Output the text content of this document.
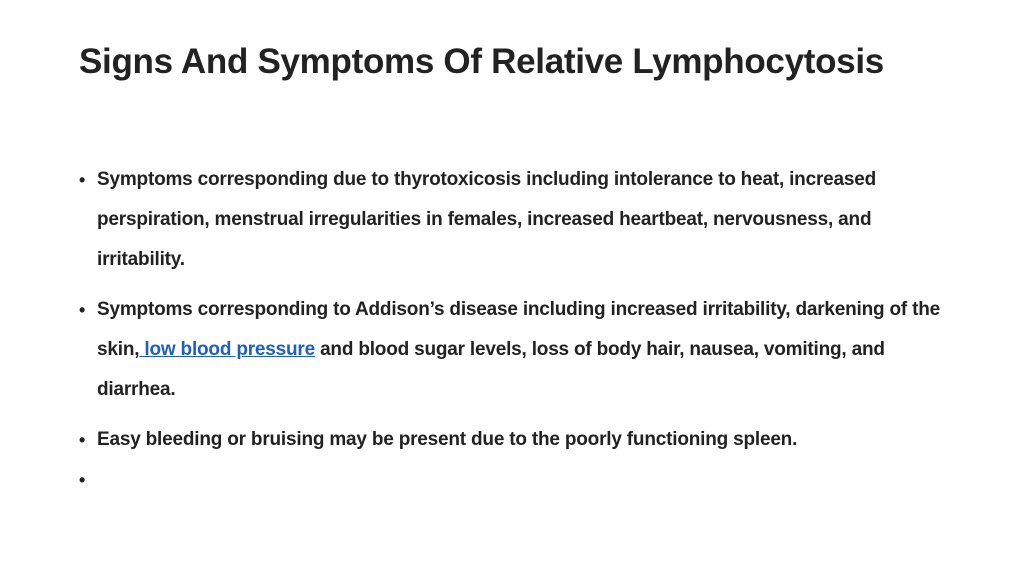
Signs And Symptoms Of Relative Lymphocytosis
• Symptoms corresponding due to thyrotoxicosis including intolerance to heat, increased perspiration, menstrual irregularities in females, increased heartbeat, nervousness, and irritability.
• Symptoms corresponding to Addison’s disease including increased irritability, darkening of the skin, low blood pressure and blood sugar levels, loss of body hair, nausea, vomiting, and diarrhea.
• Easy bleeding or bruising may be present due to the poorly functioning spleen.
•
